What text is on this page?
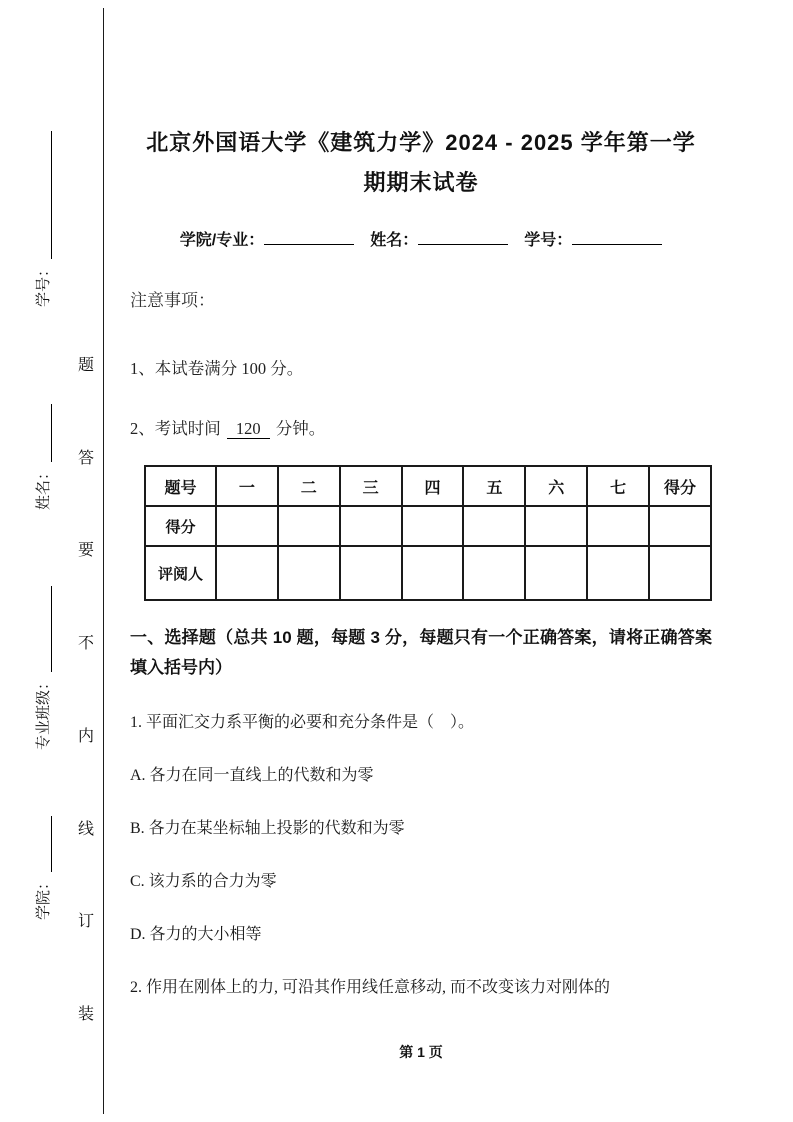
学号：
姓名：
专业班级：
学院：
题
答
要
不
内
线
订
装
北京外国语大学《建筑力学》2024 - 2025 学年第一学
期期末试卷
学院/专业：	姓名：	学号：
注意事项：
1、本试卷满分 100 分。
2、考试时间 120 分钟。
题号	一	二	三	四	五	六	七	得分
得分								
评阅人								
一、选择题（总共 10 题，每题 3 分，每题只有一个正确答案，请将正确答案填入括号内）
1. 平面汇交力系平衡的必要和充分条件是（　）。
A. 各力在同一直线上的代数和为零
B. 各力在某坐标轴上投影的代数和为零
C. 该力系的合力为零
D. 各力的大小相等
2. 作用在刚体上的力, 可沿其作用线任意移动, 而不改变该力对刚体的
第 1 页
